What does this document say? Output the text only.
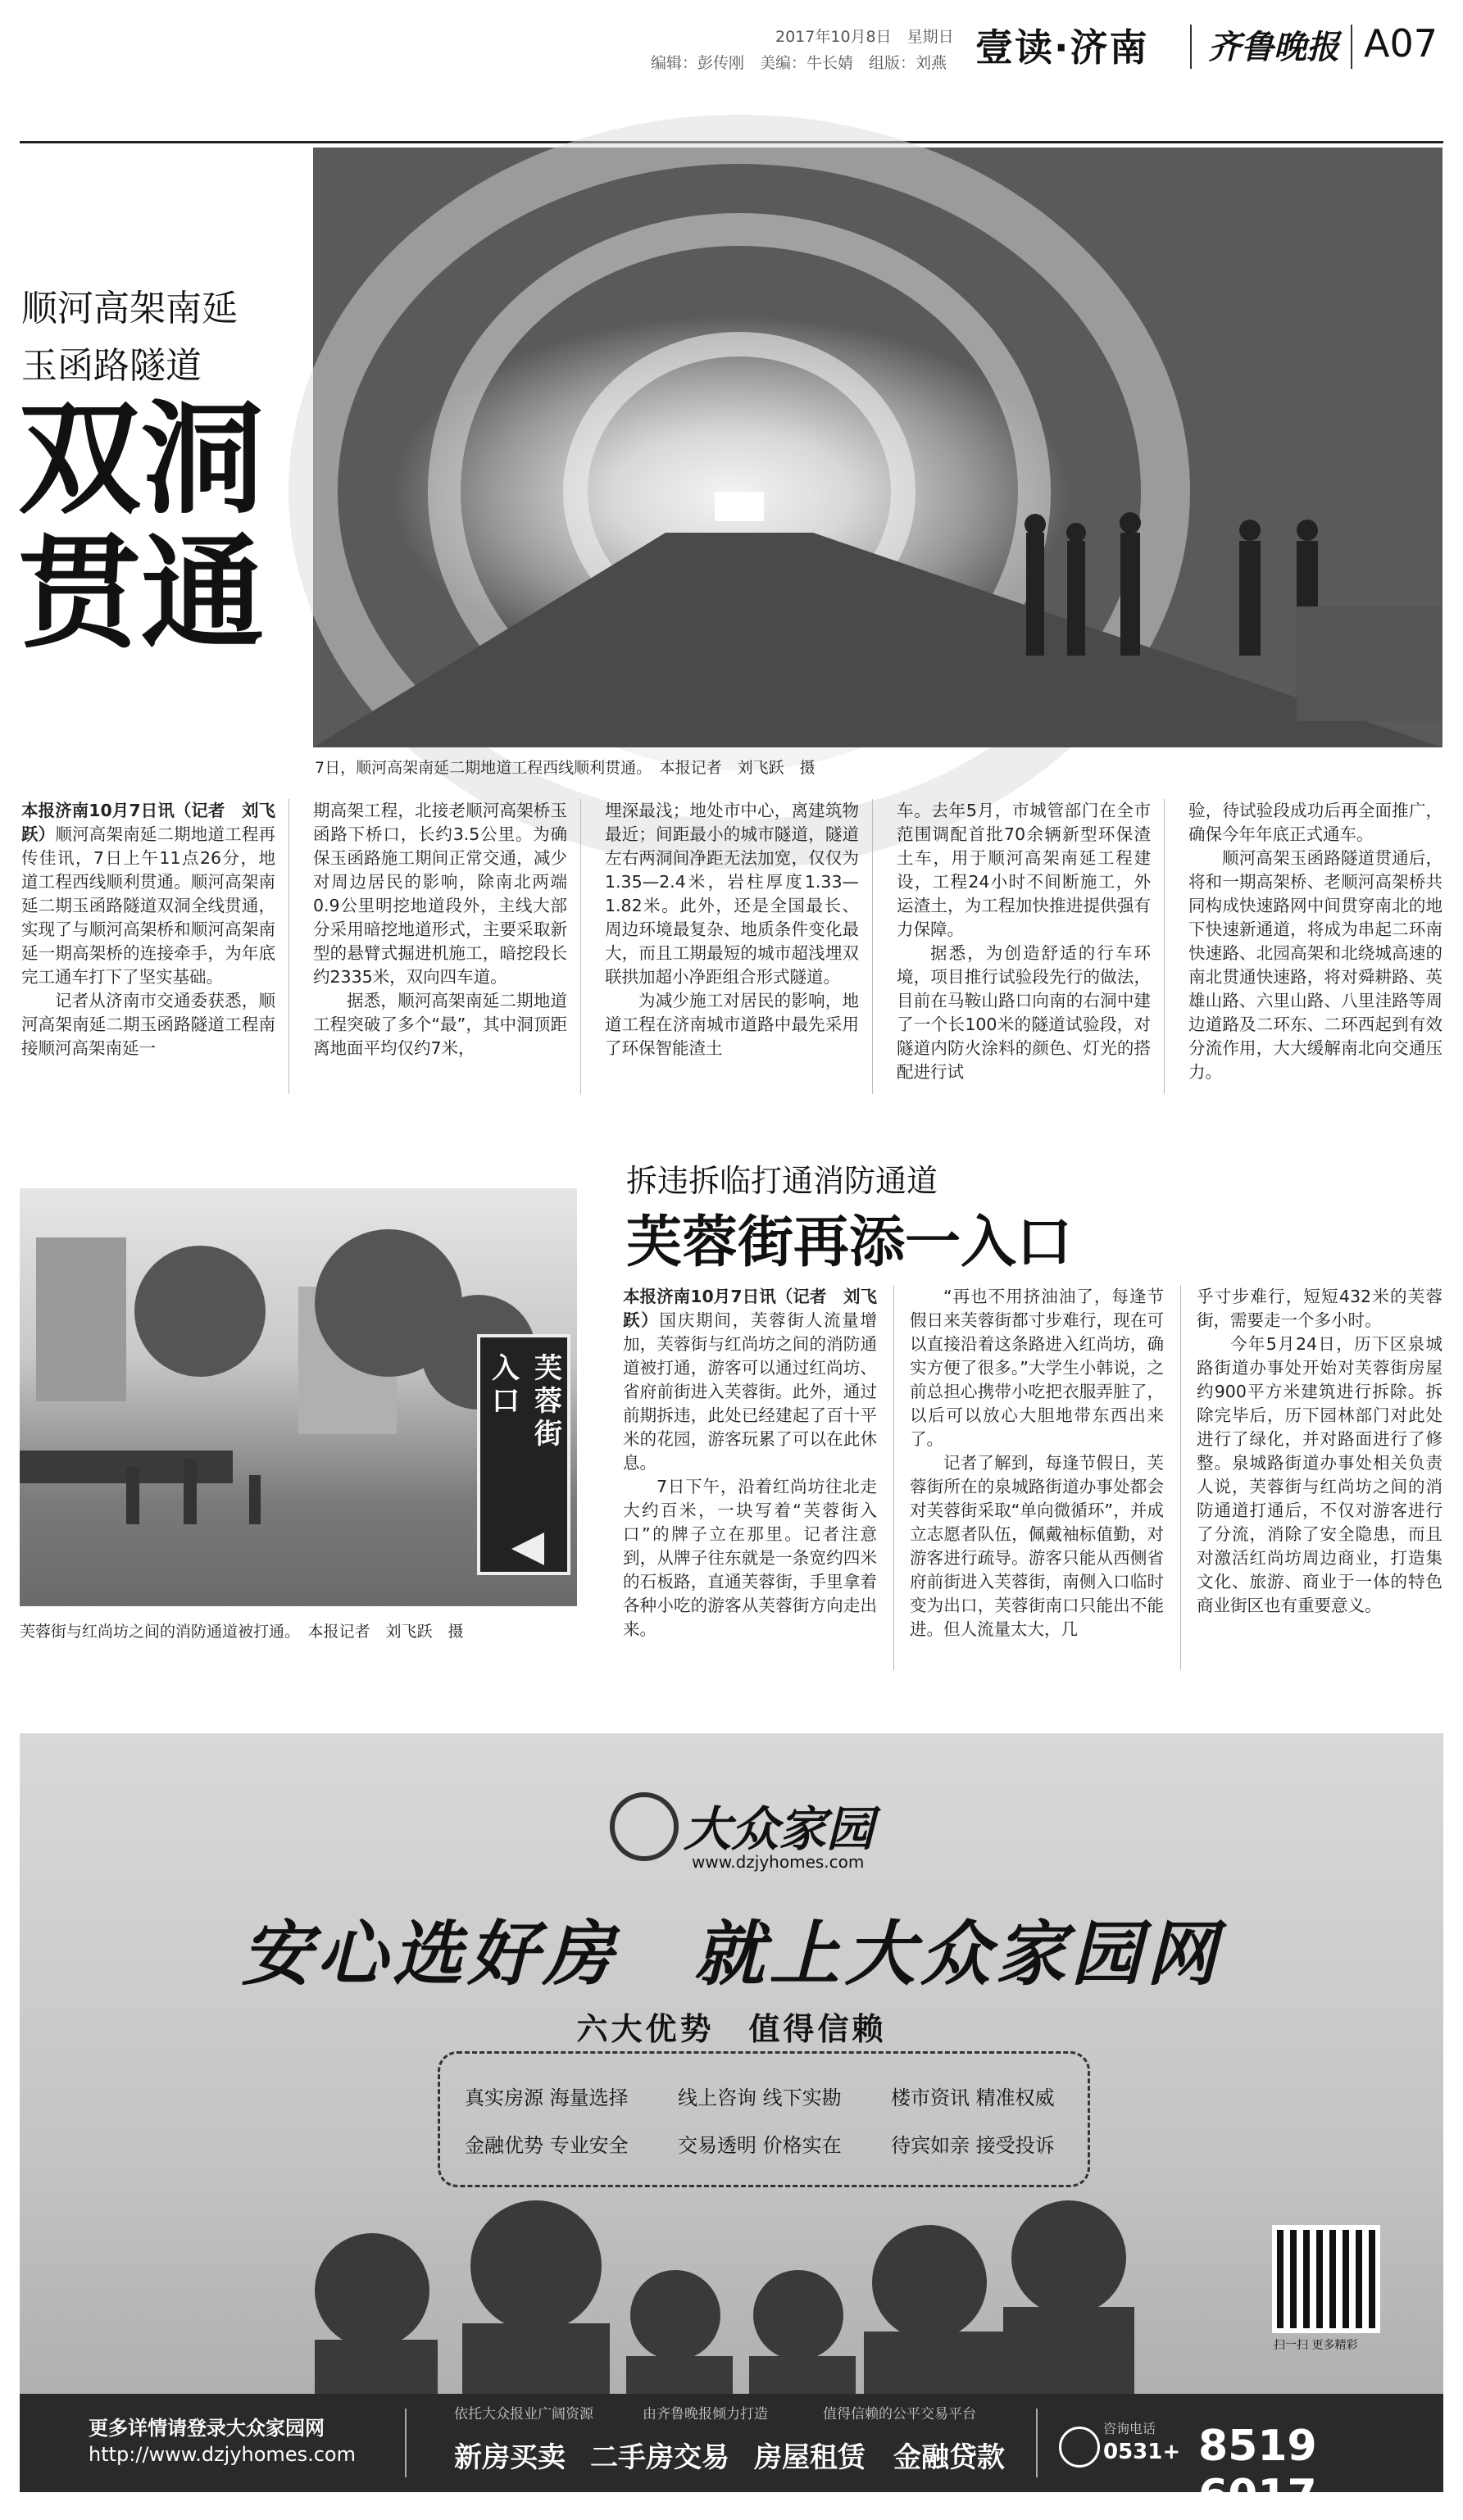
2017年10月8日　星期日
编辑：彭传刚　美编：牛长婧　组版：刘燕 壹读·济南 齐鲁晚报 A07
顺河高架南延
玉函路隧道
双洞
贯通
7日，顺河高架南延二期地道工程西线顺利贯通。　本报记者　刘飞跃　摄

本报济南10月7日讯（记者　刘飞跃）顺河高架南延二期地道工程再传佳讯，7日上午11点26分，地道工程西线顺利贯通。顺河高架南延二期玉函路隧道双洞全线贯通，实现了与顺河高架桥和顺河高架南延一期高架桥的连接牵手，为年底完工通车打下了坚实基础。

记者从济南市交通委获悉，顺河高架南延二期玉函路隧道工程南接顺河高架南延一

期高架工程，北接老顺河高架桥玉函路下桥口，长约3.5公里。为确保玉函路施工期间正常交通，减少对周边居民的影响，除南北两端0.9公里明挖地道段外，主线大部分采用暗挖地道形式，主要采取新型的悬臂式掘进机施工，暗挖段长约2335米，双向四车道。

据悉，顺河高架南延二期地道工程突破了多个“最”，其中洞顶距离地面平均仅约7米，

埋深最浅；地处市中心，离建筑物最近；间距最小的城市隧道，隧道左右两洞间净距无法加宽，仅仅为1.35—2.4米，岩柱厚度1.33—1.82米。此外，还是全国最长、周边环境最复杂、地质条件变化最大，而且工期最短的城市超浅埋双联拱加超小净距组合形式隧道。

为减少施工对居民的影响，地道工程在济南城市道路中最先采用了环保智能渣土

车。去年5月，市城管部门在全市范围调配首批70余辆新型环保渣土车，用于顺河高架南延工程建设，工程24小时不间断施工，外运渣土，为工程加快推进提供强有力保障。

据悉，为创造舒适的行车环境，项目推行试验段先行的做法，目前在马鞍山路口向南的右洞中建了一个长100米的隧道试验段，对隧道内防火涂料的颜色、灯光的搭配进行试

验，待试验段成功后再全面推广，确保今年年底正式通车。

顺河高架玉函路隧道贯通后，将和一期高架桥、老顺河高架桥共同构成快速路网中间贯穿南北的地下快速新通道，将成为串起二环南快速路、北园高架和北绕城高速的南北贯通快速路，将对舜耕路、英雄山路、六里山路、八里洼路等周边道路及二环东、二环西起到有效分流作用，大大缓解南北向交通压力。

芙蓉街
入口
芙蓉街与红尚坊之间的消防通道被打通。　本报记者　刘飞跃　摄
拆违拆临打通消防通道
芙蓉街再添一入口

本报济南10月7日讯（记者　刘飞跃）国庆期间，芙蓉街人流量增加，芙蓉街与红尚坊之间的消防通道被打通，游客可以通过红尚坊、省府前街进入芙蓉街。此外，通过前期拆违，此处已经建起了百十平米的花园，游客玩累了可以在此休息。

7日下午，沿着红尚坊往北走大约百米，一块写着“芙蓉街入口”的牌子立在那里。记者注意到，从牌子往东就是一条宽约四米的石板路，直通芙蓉街，手里拿着各种小吃的游客从芙蓉街方向走出来。

“再也不用挤油油了，每逢节假日来芙蓉街都寸步难行，现在可以直接沿着这条路进入红尚坊，确实方便了很多。”大学生小韩说，之前总担心携带小吃把衣服弄脏了，以后可以放心大胆地带东西出来了。

记者了解到，每逢节假日，芙蓉街所在的泉城路街道办事处都会对芙蓉街采取“单向微循环”，并成立志愿者队伍，佩戴袖标值勤，对游客进行疏导。游客只能从西侧省府前街进入芙蓉街，南侧入口临时变为出口，芙蓉街南口只能出不能进。但人流量太大，几

乎寸步难行，短短432米的芙蓉街，需要走一个多小时。

今年5月24日，历下区泉城路街道办事处开始对芙蓉街房屋约900平方米建筑进行拆除。拆除完毕后，历下园林部门对此处进行了绿化，并对路面进行了修整。泉城路街道办事处相关负责人说，芙蓉街与红尚坊之间的消防通道打通后，不仅对游客进行了分流，消除了安全隐患，而且对激活红尚坊周边商业，打造集文化、旅游、商业于一体的特色商业街区也有重要意义。

大众家园
www.dzjyhomes.com
安心选好房　就上大众家园网
六大优势　值得信赖
真实房源 海量选择	线上咨询 线下实勘	楼市资讯 精准权威
金融优势 专业安全	交易透明 价格实在	待宾如亲 接受投诉
扫一扫 更多精彩
更多详情请登录大众家园网
http://www.dzjyhomes.com
依托大众报业广阔资源	由齐鲁晚报倾力打造	值得信赖的公平交易平台
新房买卖 二手房交易 房屋租赁 金融贷款
咨询电话
0531+ 8519 6017
